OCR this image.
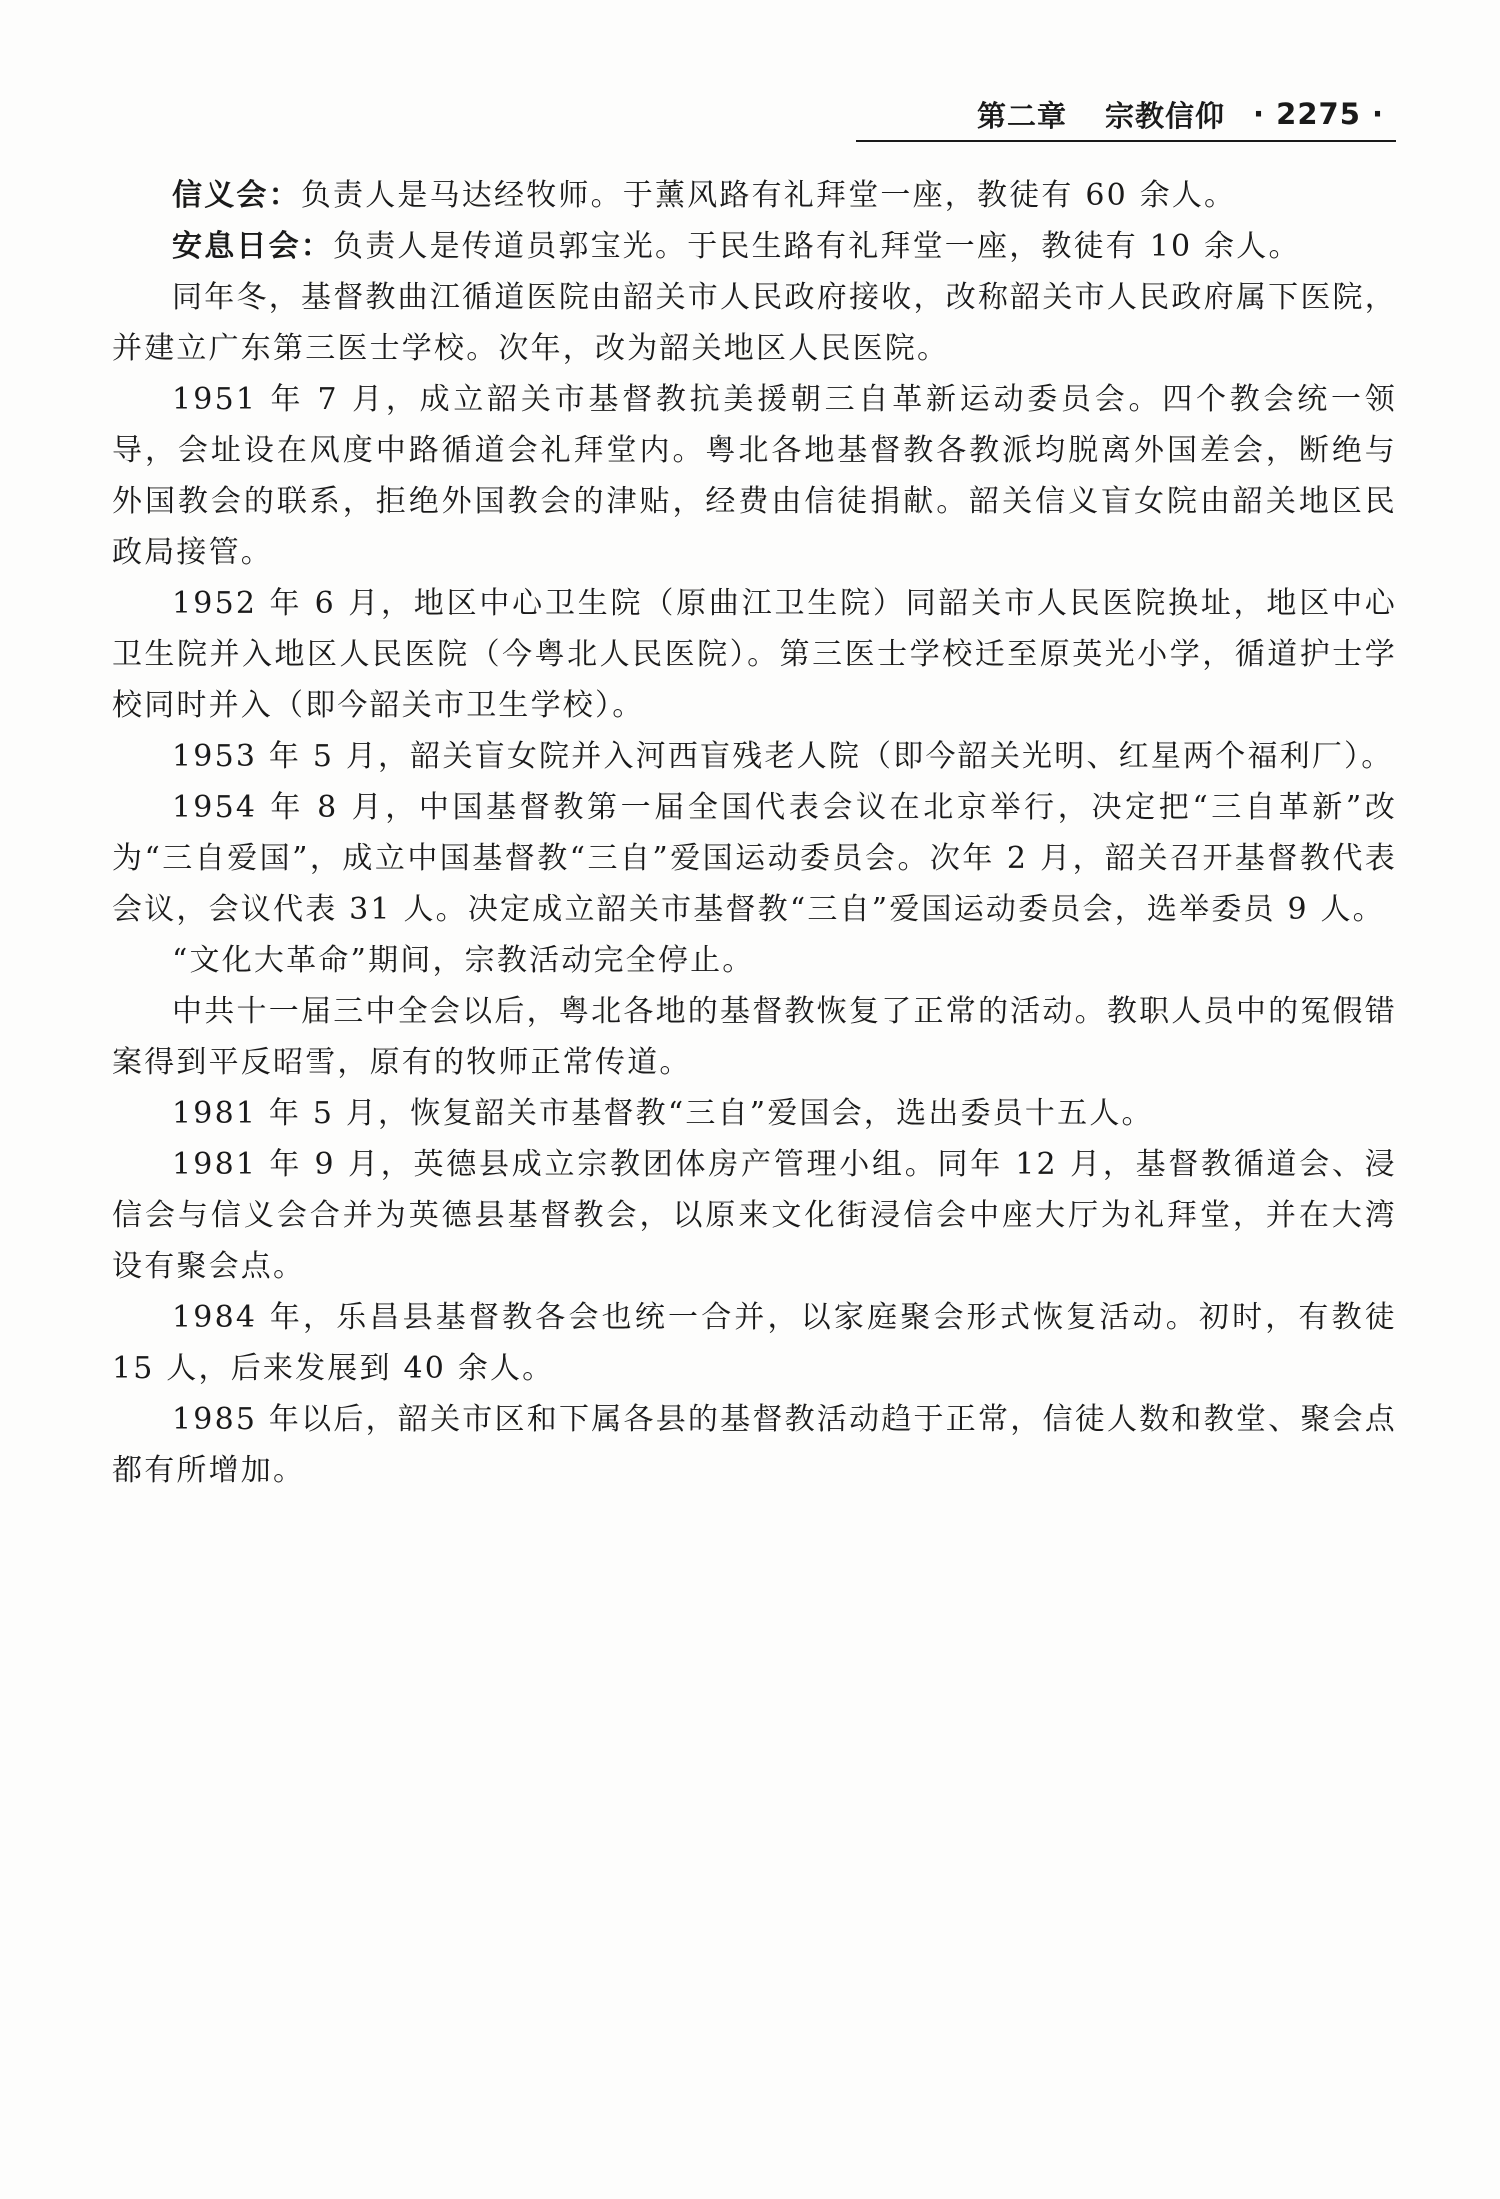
第二章 宗教信仰 · 2275 ·

信义会：负责人是马达经牧师。于薰风路有礼拜堂一座，教徒有 60 余人。

安息日会：负责人是传道员郭宝光。于民生路有礼拜堂一座，教徒有 10 余人。

同年冬，基督教曲江循道医院由韶关市人民政府接收，改称韶关市人民政府属下医院，并建立广东第三医士学校。次年，改为韶关地区人民医院。

1951 年 7 月，成立韶关市基督教抗美援朝三自革新运动委员会。四个教会统一领导，会址设在风度中路循道会礼拜堂内。粤北各地基督教各教派均脱离外国差会，断绝与外国教会的联系，拒绝外国教会的津贴，经费由信徒捐献。韶关信义盲女院由韶关地区民政局接管。

1952 年 6 月，地区中心卫生院（原曲江卫生院）同韶关市人民医院换址，地区中心卫生院并入地区人民医院（今粤北人民医院）。第三医士学校迁至原英光小学，循道护士学校同时并入（即今韶关市卫生学校）。

1953 年 5 月，韶关盲女院并入河西盲残老人院（即今韶关光明、红星两个福利厂）。

1954 年 8 月，中国基督教第一届全国代表会议在北京举行，决定把“三自革新”改为“三自爱国”，成立中国基督教“三自”爱国运动委员会。次年 2 月，韶关召开基督教代表会议，会议代表 31 人。决定成立韶关市基督教“三自”爱国运动委员会，选举委员 9 人。

“文化大革命”期间，宗教活动完全停止。

中共十一届三中全会以后，粤北各地的基督教恢复了正常的活动。教职人员中的冤假错案得到平反昭雪，原有的牧师正常传道。

1981 年 5 月，恢复韶关市基督教“三自”爱国会，选出委员十五人。

1981 年 9 月，英德县成立宗教团体房产管理小组。同年 12 月，基督教循道会、浸信会与信义会合并为英德县基督教会，以原来文化街浸信会中座大厅为礼拜堂，并在大湾设有聚会点。

1984 年，乐昌县基督教各会也统一合并，以家庭聚会形式恢复活动。初时，有教徒 15 人，后来发展到 40 余人。

1985 年以后，韶关市区和下属各县的基督教活动趋于正常，信徒人数和教堂、聚会点都有所增加。
